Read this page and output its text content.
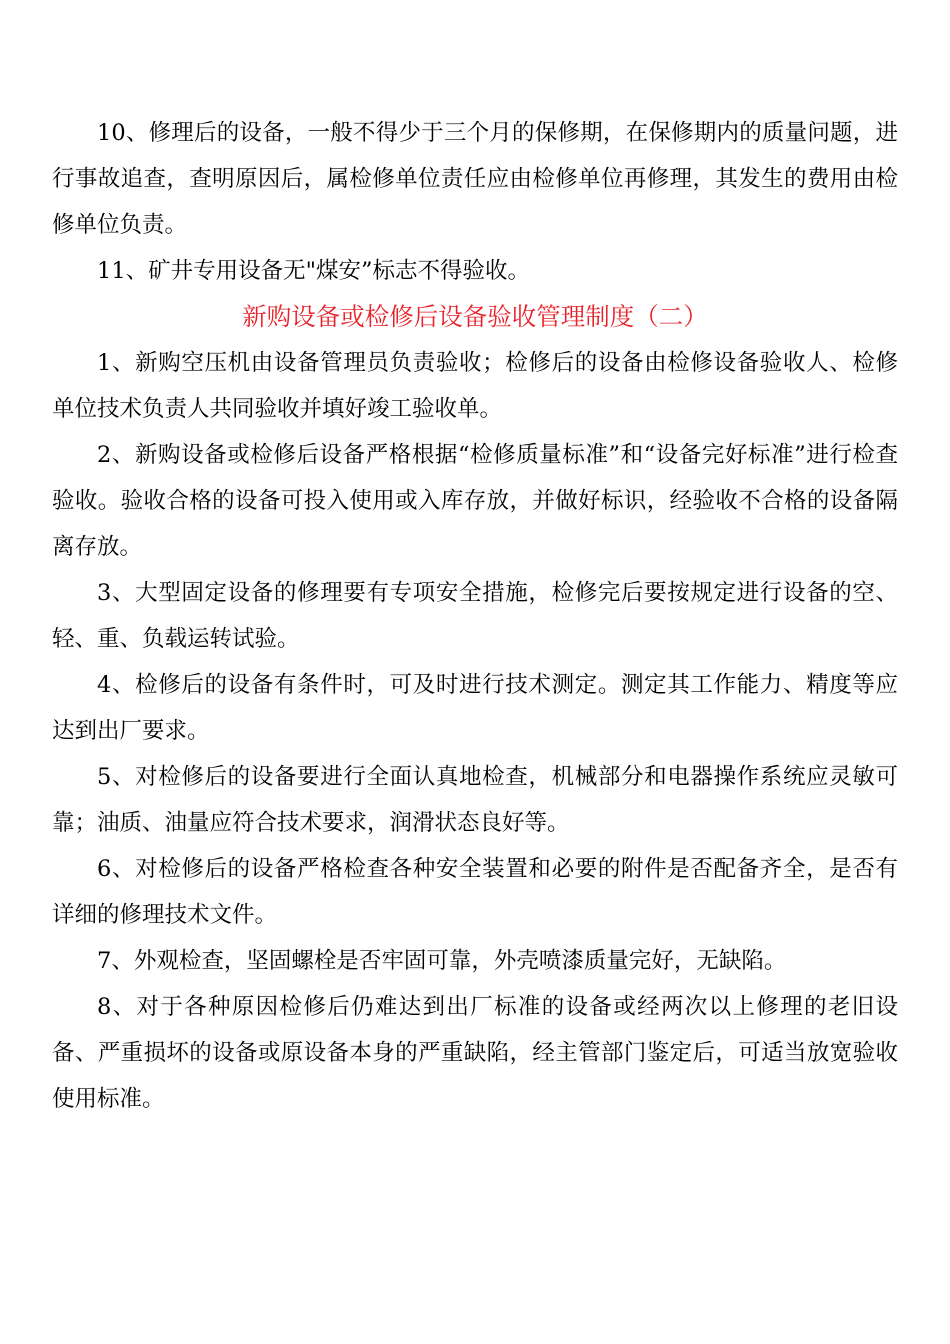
10、修理后的设备，一般不得少于三个月的保修期，在保修期内的质量问题，进行事故追查，查明原因后，属检修单位责任应由检修单位再修理，其发生的费用由检修单位负责。

11、矿井专用设备无"煤安”标志不得验收。

新购设备或检修后设备验收管理制度（二）

1、新购空压机由设备管理员负责验收；检修后的设备由检修设备验收人、检修单位技术负责人共同验收并填好竣工验收单。

2、新购设备或检修后设备严格根据“检修质量标准”和“设备完好标准”进行检查验收。验收合格的设备可投入使用或入库存放，并做好标识，经验收不合格的设备隔离存放。

3、大型固定设备的修理要有专项安全措施，检修完后要按规定进行设备的空、轻、重、负载运转试验。

4、检修后的设备有条件时，可及时进行技术测定。测定其工作能力、精度等应达到出厂要求。

5、对检修后的设备要进行全面认真地检查，机械部分和电器操作系统应灵敏可靠；油质、油量应符合技术要求，润滑状态良好等。

6、对检修后的设备严格检查各种安全装置和必要的附件是否配备齐全，是否有详细的修理技术文件。

7、外观检查，坚固螺栓是否牢固可靠，外壳喷漆质量完好，无缺陷。

8、对于各种原因检修后仍难达到出厂标准的设备或经两次以上修理的老旧设备、严重损坏的设备或原设备本身的严重缺陷，经主管部门鉴定后，可适当放宽验收使用标准。
